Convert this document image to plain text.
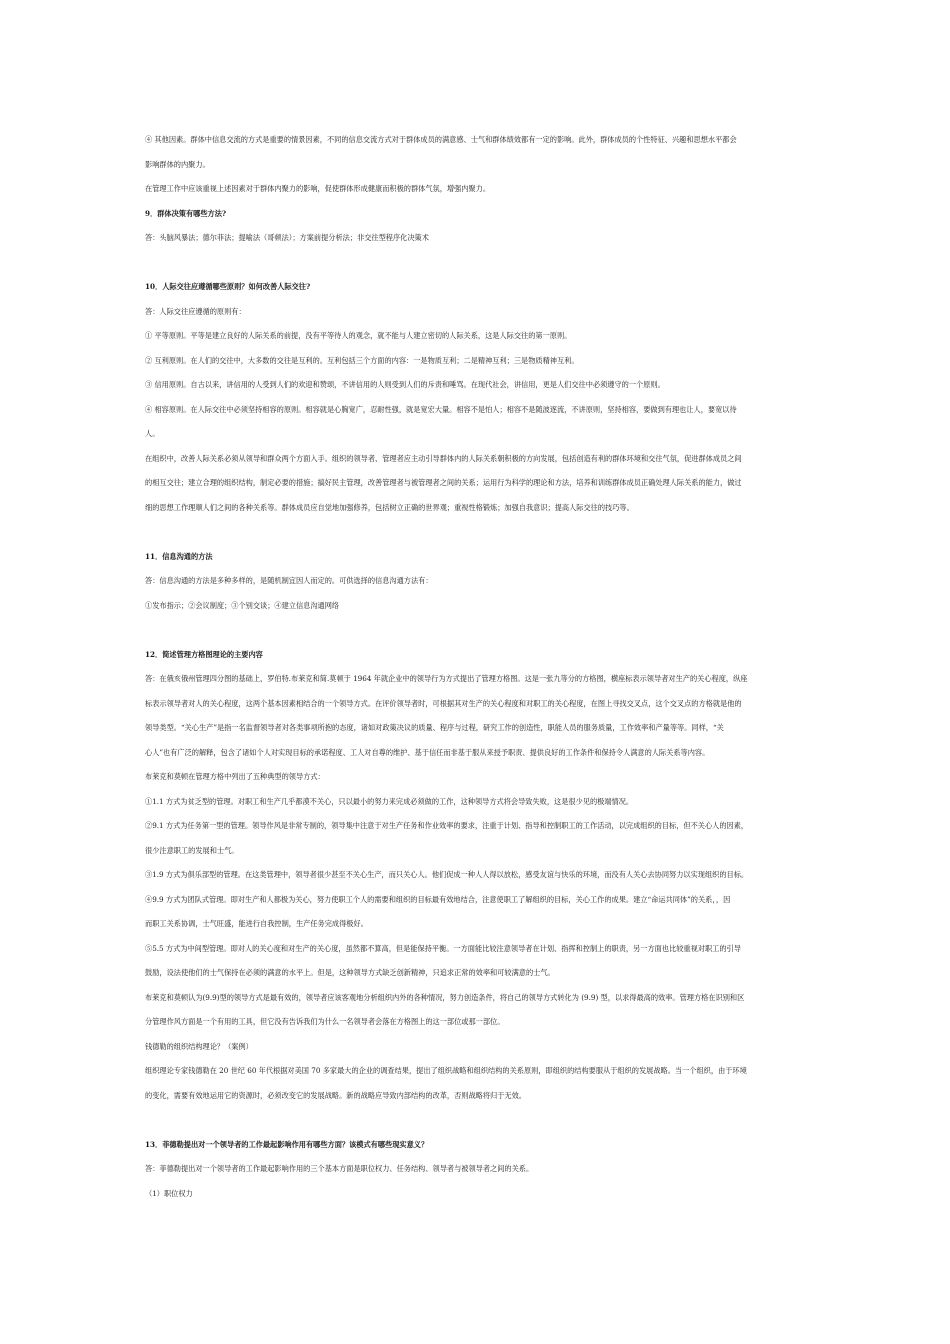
④ 其他因素。群体中信息交流的方式是重要的情景因素，不同的信息交流方式对于群体成员的满意感、士气和群体绩效都有一定的影响。此外，群体成员的个性特征、兴趣和思想水平都会
影响群体的内聚力。
在管理工作中应该重视上述因素对于群体内聚力的影响，促使群体形成健康而积极的群体气氛，增强内聚力。
9．群体决策有哪些方法?
答：头脑风暴法；德尔菲法；提喻法（哥顿法）；方案前提分析法；非交往型程序化决策术
10．人际交往应遵循哪些原则？如何改善人际交往?
答：人际交往应遵循的原则有：
① 平等原则。平等是建立良好的人际关系的前提，没有平等待人的观念，就不能与人建立密切的人际关系，这是人际交往的第一原则。
② 互利原则。在人们的交往中，大多数的交往是互利的。互利包括三个方面的内容：一是物质互利；二是精神互利；三是物质精神互利。
③ 信用原则。自古以来，讲信用的人受到人们的欢迎和赞颂，不讲信用的人则受到人们的斥责和唾骂。在现代社会，讲信用，更是人们交往中必须遵守的一个原则。
④ 相容原则。在人际交往中必须坚持相容的原则。相容就是心胸宽广，忍耐性强，就是宽宏大量。相容不是怕人；相容不是随波逐流，不讲原则，坚持相容，要做到有理也让人，要宽以待
人。
在组织中，改善人际关系必须从领导和群众两个方面入手。组织的领导者、管理者应主动引导群体内的人际关系朝积极的方向发展，包括创造有利的群体环境和交往气氛，促进群体成员之间
的相互交往；建立合理的组织结构，制定必要的措施；搞好民主管理，改善管理者与被管理者之间的关系；运用行为科学的理论和方法，培养和训练群体成员正确处理人际关系的能力，做过
细的思想工作理顺人们之间的各种关系等。群体成员应自觉地加强修养，包括树立正确的世界观；重视性格锻炼；加强自我意识；提高人际交往的技巧等。
11．信息沟通的方法
答：信息沟通的方法是多种多样的，是随机制宜因人而定的。可供选择的信息沟通方法有：
①发布指示；②会议制度；③个别交谈；④建立信息沟通网络
12．简述管理方格图理论的主要内容
答：在俄亥俄州管理四分图的基础上，罗伯特.布莱克和简.莫顿于 1964 年就企业中的领导行为方式提出了管理方格图。这是一张九等分的方格图，横座标表示领导者对生产的关心程度，纵座
标表示领导者对人的关心程度，这两个基本因素相结合的一个领导方式。在评价领导者时，可根据其对生产的关心程度和对职工的关心程度，在图上寻找交叉点，这个交叉点的方格就是他的
领导类型。“关心生产”是指一名监督领导者对各类事项所抱的态度，诸如对政策决议的质量、程序与过程，研究工作的创造性，职能人员的服务质量，工作效率和产量等等。同样，“关
心人”也有广泛的解释，包含了诸如个人对实现目标的承诺程度、工人对自尊的维护、基于信任而非基于服从来授予职责、提供良好的工作条件和保持令人满意的人际关系等内容。
布莱克和莫顿在管理方格中列出了五种典型的领导方式：
①1.1 方式为贫乏型的管理。对职工和生产几乎都漠不关心，只以最小的努力来完成必须做的工作，这种领导方式将会导致失败，这是很少见的极端情况。
②9.1 方式为任务第一型的管理。领导作风是非常专制的，领导集中注意于对生产任务和作业效率的要求，注重于计划、指导和控制职工的工作活动，以完成组织的目标，但不关心人的因素，
很少注意职工的发展和士气。
③1.9 方式为俱乐部型的管理。在这类管理中，领导者很少甚至不关心生产，而只关心人。他们促成一种人人得以放松，感受友谊与快乐的环境，而没有人关心去协同努力以实现组织的目标。
④9.9 方式为团队式管理。即对生产和人都极为关心，努力使职工个人的需要和组织的目标最有效地结合，注意使职工了解组织的目标，关心工作的成果。建立“命运共同体”的关系，，因
而职工关系协调，士气旺盛，能进行自我控制，生产任务完成得极好。
⑤5.5 方式为中间型管理。即对人的关心度和对生产的关心度，虽然都不算高，但是能保持平衡。一方面能比较注意领导者在计划、指挥和控制上的职责，另一方面也比较重视对职工的引导
鼓励，设法使他们的士气保持在必须的满意的水平上。但是，这种领导方式缺乏创新精神，只追求正常的效率和可较满意的士气。
布莱克和莫顿认为(9.9)型的领导方式是最有效的，领导者应该客观地分析组织内外的各种情况，努力创造条件，将自己的领导方式转化为 (9.9) 型，以求得最高的效率。管理方格在识别和区
分管理作风方面是一个有用的工具，但它没有告诉我们为什么一名领导者会落在方格图上的这一部位或那一部位。
钱德勒的组织结构理论？（案例）
组织理论专家钱德勒在 20 世纪 60 年代根据对美国 70 多家最大的企业的调查结果，提出了组织战略和组织结构的关系原则，即组织的结构要服从于组织的发展战略。当一个组织，由于环境
的变化，需要有效地运用它的资源时，必须改变它的发展战略。新的战略应导致内部结构的改革，否则战略将归于无效。
13．菲德勒提出对一个领导者的工作最起影响作用有哪些方面？该模式有哪些现实意义？
答：菲德勒提出对一个领导者的工作最起影响作用的三个基本方面是职位权力、任务结构、领导者与被领导者之间的关系。
（1）职位权力
